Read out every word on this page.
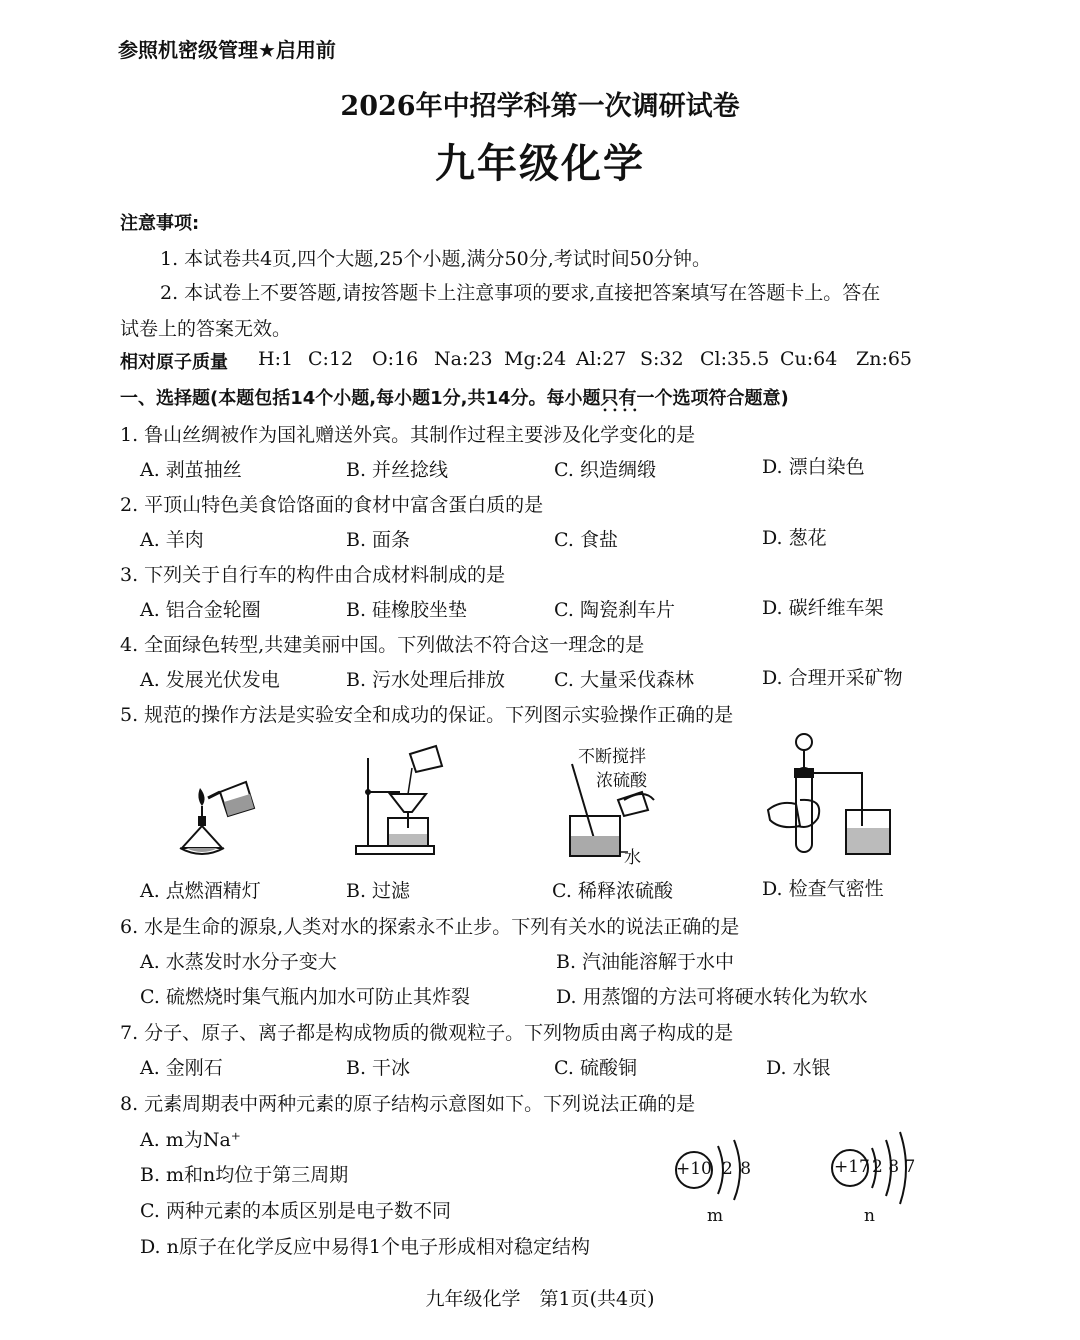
参照机密级管理★启用前
2026年中招学科第一次调研试卷
九年级化学
注意事项:
1. 本试卷共4页,四个大题,25个小题,满分50分,考试时间50分钟。
2. 本试卷上不要答题,请按答题卡上注意事项的要求,直接把答案填写在答题卡上。答在
试卷上的答案无效。
相对原子质量 H:1 C:12 O:16 Na:23 Mg:24 Al:27 S:32 Cl:35.5 Cu:64 Zn:65
一、选择题(本题包括14个小题,每小题1分,共14分。每小题只有一个 • • • •选项符合题意)
1. 鲁山丝绸被作为国礼赠送外宾。其制作过程主要涉及化学变化的是
A. 剥茧抽丝	B. 并丝捻线	C. 织造绸缎	D. 漂白染色
2. 平顶山特色美食饸饹面的食材中富含蛋白质的是
A. 羊肉	B. 面条	C. 食盐	D. 葱花
3. 下列关于自行车的构件由合成材料制成的是
A. 铝合金轮圈	B. 硅橡胶坐垫	C. 陶瓷刹车片	D. 碳纤维车架
4. 全面绿色转型,共建美丽中国。下列做法不符合这一理念的是
A. 发展光伏发电	B. 污水处理后排放	C. 大量采伐森林	D. 合理开采矿物
5. 规范的操作方法是实验安全和成功的保证。下列图示实验操作正确的是
不断搅拌
浓硫酸
水
A. 点燃酒精灯	B. 过滤	C. 稀释浓硫酸	D. 检查气密性
6. 水是生命的源泉,人类对水的探索永不止步。下列有关水的说法正确的是
A. 水蒸发时水分子变大	B. 汽油能溶解于水中
C. 硫燃烧时集气瓶内加水可防止其炸裂	D. 用蒸馏的方法可将硬水转化为软水
7. 分子、原子、离子都是构成物质的微观粒子。下列物质由离子构成的是
A. 金刚石	B. 干冰	C. 硫酸铜	D. 水银
8. 元素周期表中两种元素的原子结构示意图如下。下列说法正确的是
A. m为Na⁺
B. m和n均位于第三周期
C. 两种元素的本质区别是电子数不同
D. n原子在化学反应中易得1个电子形成相对稳定结构
+10 2 8
m
+17 2 8 7
n
九年级化学　第1页(共4页)
